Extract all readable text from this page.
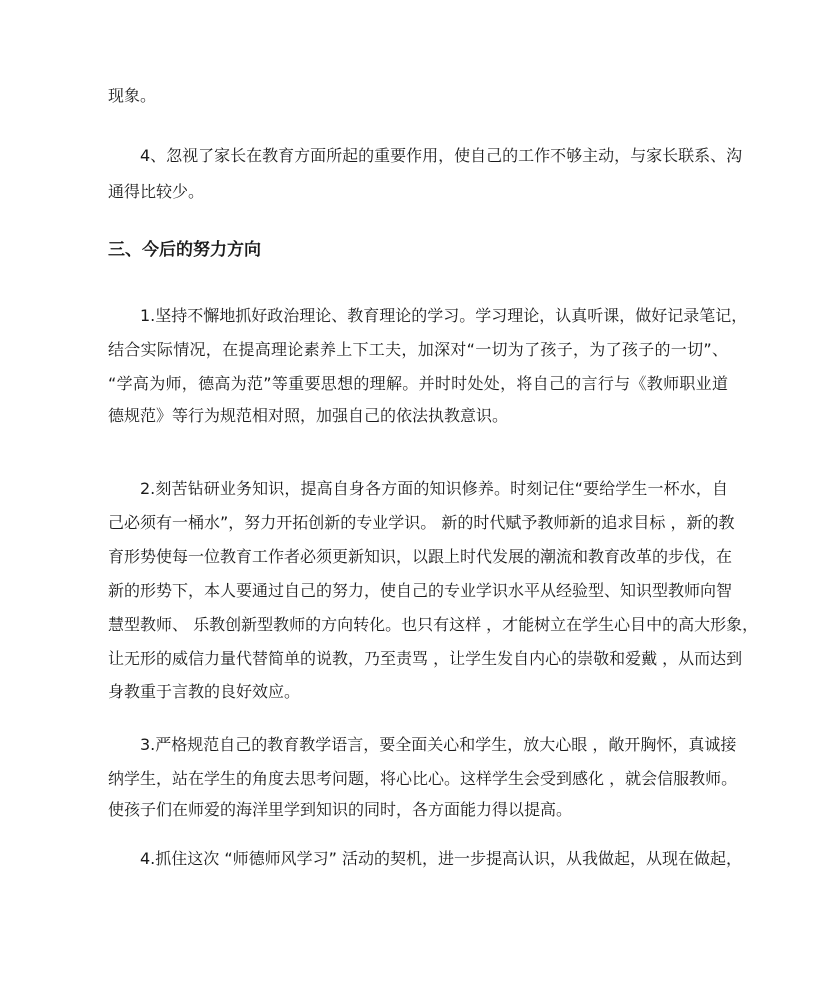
现象。
4、忽视了家长在教育方面所起的重要作用，使自己的工作不够主动，与家长联系、沟
通得比较少。
三、今后的努力方向
1.坚持不懈地抓好政治理论、教育理论的学习。学习理论，认真听课，做好记录笔记，
结合实际情况，在提高理论素养上下工夫，加深对“一切为了孩子，为了孩子的一切”、
“学高为师，德高为范”等重要思想的理解。并时时处处，将自己的言行与《教师职业道
德规范》等行为规范相对照，加强自己的依法执教意识。
2.刻苦钻研业务知识，提高自身各方面的知识修养。时刻记住“要给学生一杯水，自
己必须有一桶水”，努力开拓创新的专业学识。 新的时代赋予教师新的追求目标 ，新的教
育形势使每一位教育工作者必须更新知识，以跟上时代发展的潮流和教育改革的步伐，在
新的形势下，本人要通过自己的努力，使自己的专业学识水平从经验型、知识型教师向智
慧型教师、 乐教创新型教师的方向转化。也只有这样 ，才能树立在学生心目中的高大形象，
让无形的威信力量代替简单的说教，乃至责骂 ，让学生发自内心的崇敬和爱戴 ，从而达到
身教重于言教的良好效应。
3.严格规范自己的教育教学语言，要全面关心和学生，放大心眼 ，敞开胸怀，真诚接
纳学生，站在学生的角度去思考问题，将心比心。这样学生会受到感化 ，就会信服教师。
使孩子们在师爱的海洋里学到知识的同时，各方面能力得以提高。
4.抓住这次 “师德师风学习” 活动的契机，进一步提高认识，从我做起，从现在做起，
